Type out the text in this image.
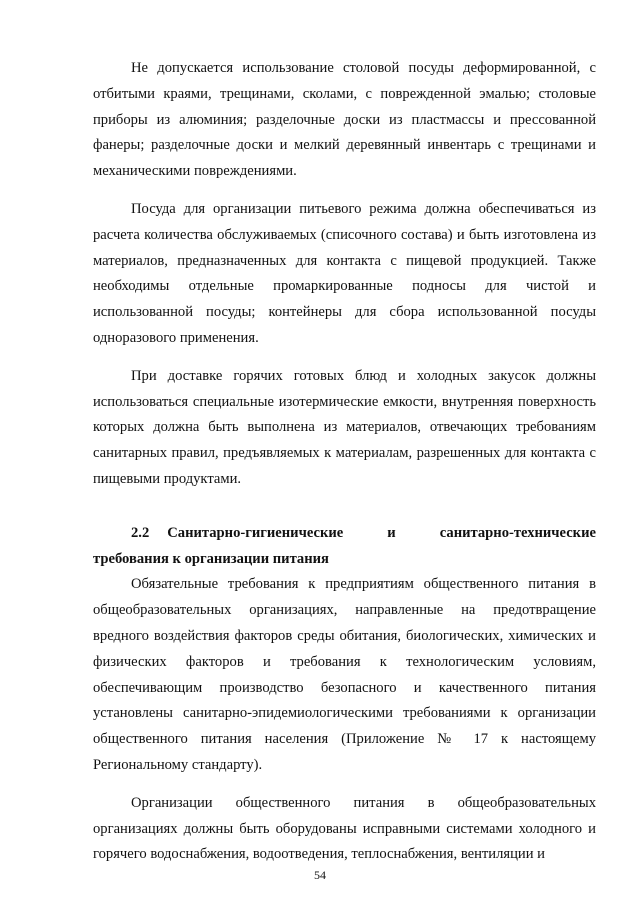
Не допускается использование столовой посуды деформированной, с отбитыми краями, трещинами, сколами, с поврежденной эмалью; столовые приборы из алюминия; разделочные доски из пластмассы и прессованной фанеры; разделочные доски и мелкий деревянный инвентарь с трещинами и механическими повреждениями.

Посуда для организации питьевого режима должна обеспечиваться из расчета количества обслуживаемых (списочного состава) и быть изготовлена из материалов, предназначенных для контакта с пищевой продукцией. Также необходимы отдельные промаркированные подносы для чистой и использованной посуды; контейнеры для сбора использованной посуды одноразового применения.

При доставке горячих готовых блюд и холодных закусок должны использоваться специальные изотермические емкости, внутренняя поверхность которых должна быть выполнена из материалов, отвечающих требованиям санитарных правил, предъявляемых к материалам, разрешенных для контакта с пищевыми продуктами.

2.2 Санитарно-гигиенические	и	санитарно-технические
требования к организации питания

Обязательные требования к предприятиям общественного питания в общеобразовательных организациях, направленные на предотвращение вредного воздействия факторов среды обитания, биологических, химических и физических факторов и требования к технологическим условиям, обеспечивающим производство безопасного и качественного питания установлены санитарно-эпидемиологическими требованиями к организации общественного питания населения (Приложение № 17 к настоящему Региональному стандарту).

Организации общественного питания в общеобразовательных организациях должны быть оборудованы исправными системами холодного и горячего водоснабжения, водоотведения, теплоснабжения, вентиляции и

54
